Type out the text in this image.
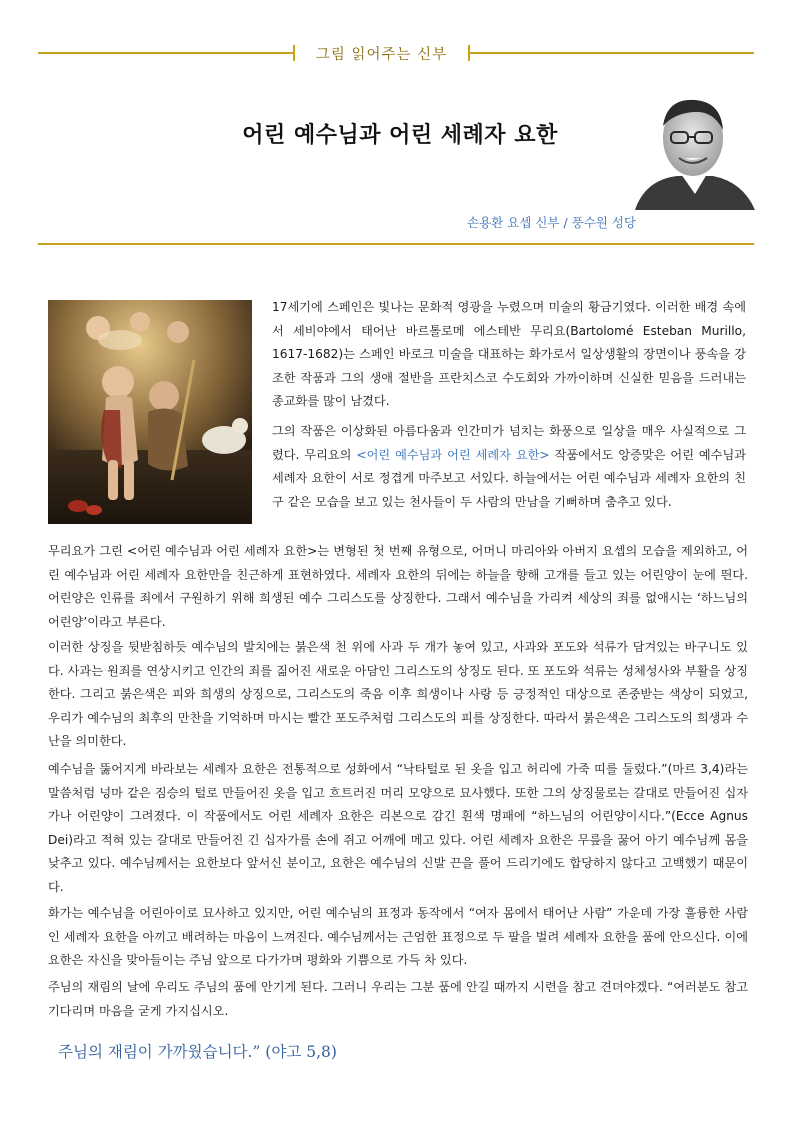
그림 읽어주는 신부
어린 예수님과 어린 세례자 요한
손용환 요셉 신부 / 풍수원 성당

17세기에 스페인은 빛나는 문화적 영광을 누렸으며 미술의 황금기였다. 이러한 배경 속에서 세비야에서 태어난 바르톨로메 에스테반 무리요(Bartolomé Esteban Murillo, 1617-1682)는 스페인 바로크 미술을 대표하는 화가로서 일상생활의 장면이나 풍속을 강조한 작품과 그의 생애 절반을 프란치스코 수도회와 가까이하며 신실한 믿음을 드러내는 종교화를 많이 남겼다.

그의 작품은 이상화된 아름다움과 인간미가 넘치는 화풍으로 일상을 매우 사실적으로 그렸다. 무리요의 <어린 예수님과 어린 세례자 요한> 작품에서도 앙증맞은 어린 예수님과 세례자 요한이 서로 정겹게 마주보고 서있다. 하늘에서는 어린 예수님과 세례자 요한의 친구 같은 모습을 보고 있는 천사들이 두 사람의 만남을 기뻐하며 춤추고 있다.

무리요가 그린 <어린 예수님과 어린 세례자 요한>는 변형된 첫 번째 유형으로, 어머니 마리아와 아버지 요셉의 모습을 제외하고, 어린 예수님과 어린 세례자 요한만을 친근하게 표현하였다. 세례자 요한의 뒤에는 하늘을 향해 고개를 들고 있는 어린양이 눈에 띈다. 어린양은 인류를 죄에서 구원하기 위해 희생된 예수 그리스도를 상징한다. 그래서 예수님을 가리켜 세상의 죄를 없애시는 ‘하느님의 어린양’이라고 부른다.

이러한 상징을 뒷받침하듯 예수님의 발치에는 붉은색 천 위에 사과 두 개가 놓여 있고, 사과와 포도와 석류가 담겨있는 바구니도 있다. 사과는 원죄를 연상시키고 인간의 죄를 짊어진 새로운 아담인 그리스도의 상징도 된다. 또 포도와 석류는 성체성사와 부활을 상징한다. 그리고 붉은색은 피와 희생의 상징으로, 그리스도의 죽음 이후 희생이나 사랑 등 긍정적인 대상으로 존중받는 색상이 되었고, 우리가 예수님의 최후의 만찬을 기억하며 마시는 빨간 포도주처럼 그리스도의 피를 상징한다. 따라서 붉은색은 그리스도의 희생과 수난을 의미한다.

예수님을 뚫어지게 바라보는 세례자 요한은 전통적으로 성화에서 “낙타털로 된 옷을 입고 허리에 가죽 띠를 둘렀다.”(마르 3,4)라는 말씀처럼 넝마 같은 짐승의 털로 만들어진 옷을 입고 흐트러진 머리 모양으로 묘사했다. 또한 그의 상징물로는 갈대로 만들어진 십자가나 어린양이 그려졌다. 이 작품에서도 어린 세례자 요한은 리본으로 감긴 흰색 명패에 “하느님의 어린양이시다.”(Ecce Agnus Dei)라고 적혀 있는 갈대로 만들어진 긴 십자가를 손에 쥐고 어깨에 메고 있다. 어린 세례자 요한은 무릎을 꿇어 아기 예수님께 몸을 낮추고 있다. 예수님께서는 요한보다 앞서신 분이고, 요한은 예수님의 신발 끈을 풀어 드리기에도 합당하지 않다고 고백했기 때문이다.

화가는 예수님을 어린아이로 묘사하고 있지만, 어린 예수님의 표정과 동작에서 “여자 몸에서 태어난 사람” 가운데 가장 훌륭한 사람인 세례자 요한을 아끼고 배려하는 마음이 느껴진다. 예수님께서는 근엄한 표정으로 두 팔을 벌려 세례자 요한을 품에 안으신다. 이에 요한은 자신을 맞아들이는 주님 앞으로 다가가며 평화와 기쁨으로 가득 차 있다.

주님의 재림의 날에 우리도 주님의 품에 안기게 된다. 그러니 우리는 그분 품에 안길 때까지 시련을 참고 견뎌야겠다. “여러분도 참고 기다리며 마음을 굳게 가지십시오.

주님의 재림이 가까웠습니다.” (야고 5,8)
